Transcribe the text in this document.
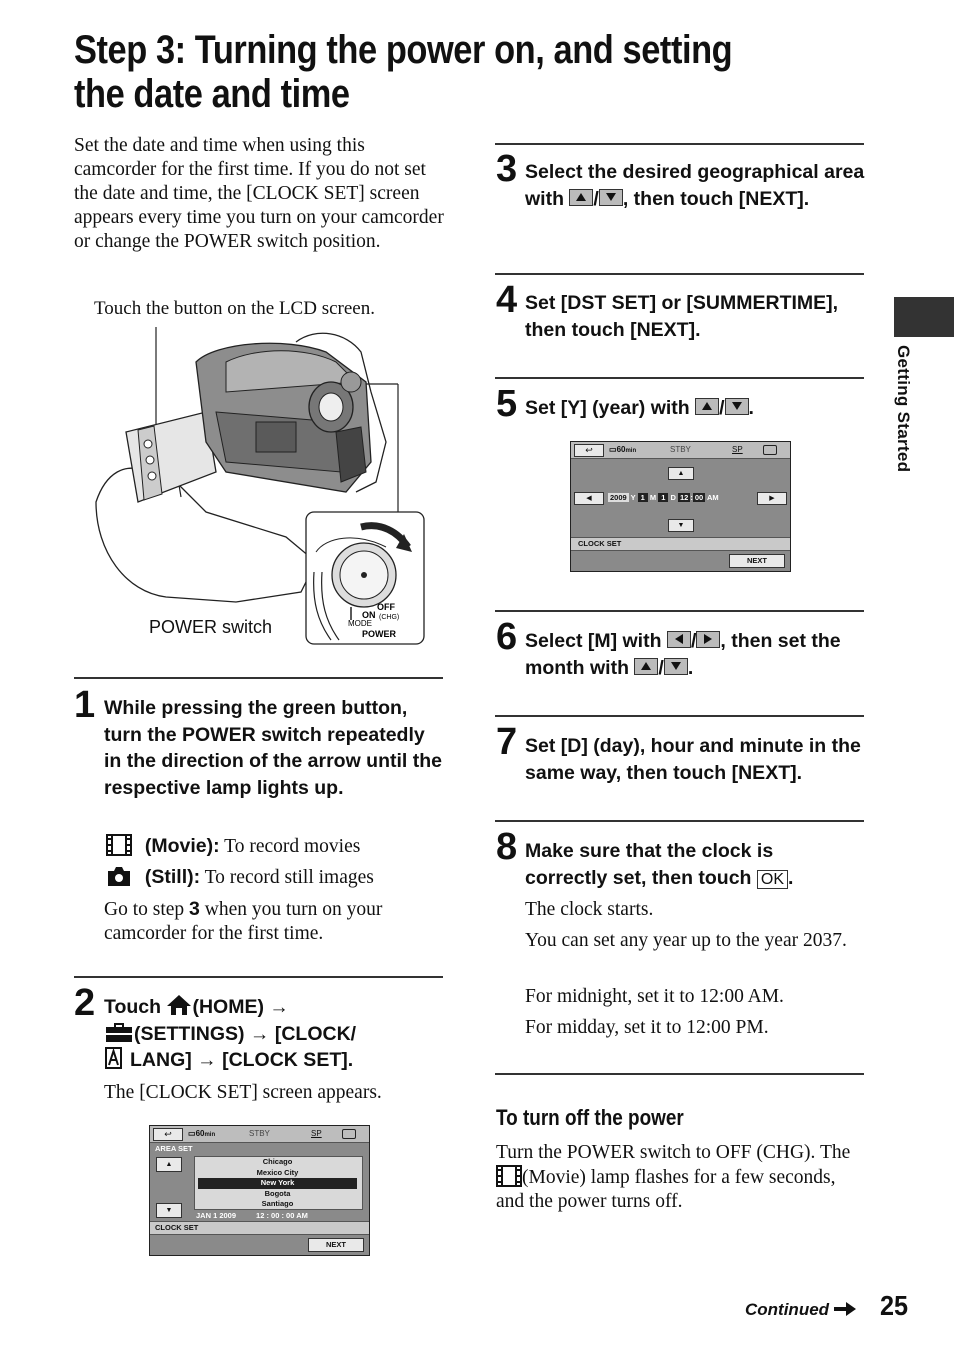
Step 3: Turning the power on, and setting the date and time
Set the date and time when using this camcorder for the first time. If you do not set the date and time, the [CLOCK SET] screen appears every time you turn on your camcorder or change the POWER switch position.
Touch the button on the LCD screen.
OFF
(CHG)
ON
MODE
POWER
POWER switch
1 While pressing the green button, turn the POWER switch repeatedly in the direction of the arrow until the respective lamp lights up.
(Movie): To record movies
(Still): To record still images
Go to step 3 when you turn on your camcorder for the first time.
2 Touch (HOME) →
(SETTINGS) → [CLOCK/
LANG] → [CLOCK SET].
The [CLOCK SET] screen appears.
↩	▭60min	STBY	SP
AREA SET
▲
▼
Chicago
Mexico City
New York
Bogota
Santiago
JAN 1 2009	12 : 00 : 00 AM
CLOCK SET
NEXT
3 Select the desired geographical area with
/ , then touch [NEXT].
4 Set [DST SET] or [SUMMERTIME], then touch [NEXT].
5 Set [Y] (year) with
/ .
↩	▭60min	STBY	SP
▲
◀	▶
2009 Y 1 M 1 D 12 : 00 AM
▼
CLOCK SET
NEXT
6 Select [M] with
/ , then set the month with
/ .
7 Set [D] (day), hour and minute in the same way, then touch [NEXT].
8 Make sure that the clock is correctly set, then touch OK .
The clock starts.
You can set any year up to the year 2037.
For midnight, set it to 12:00 AM.
For midday, set it to 12:00 PM.
To turn off the power
Turn the POWER switch to OFF (CHG). The (Movie) lamp flashes for a few seconds, and the power turns off.
Getting Started
Continued	25
